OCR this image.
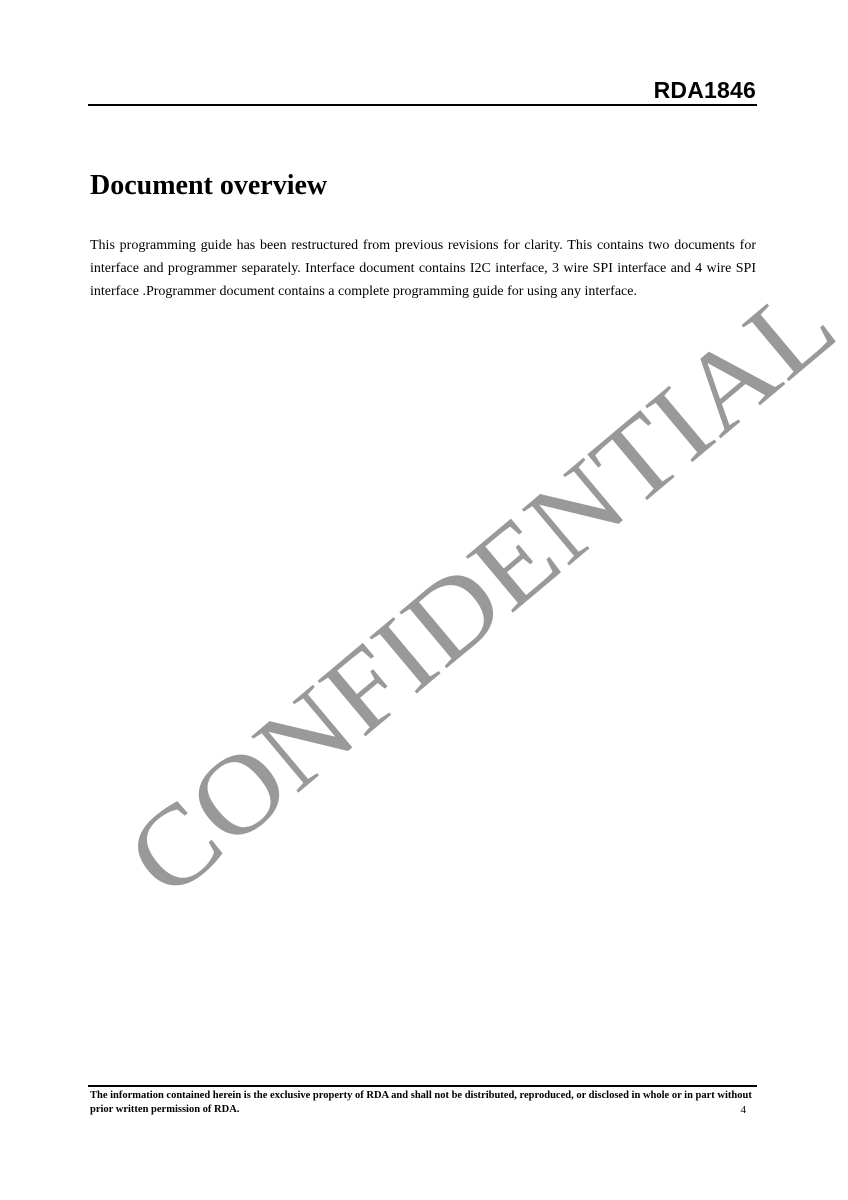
RDA1846
Document overview

This programming guide has been restructured from previous revisions for clarity. This contains two documents for interface and programmer separately. Interface document contains I2C interface, 3 wire SPI interface and 4 wire SPI interface .Programmer document contains a complete programming guide for using any interface.

CONFIDENTIAL

The information contained herein is the exclusive property of RDA and shall not be distributed, reproduced, or disclosed in whole or in part without prior written permission of RDA.	4
